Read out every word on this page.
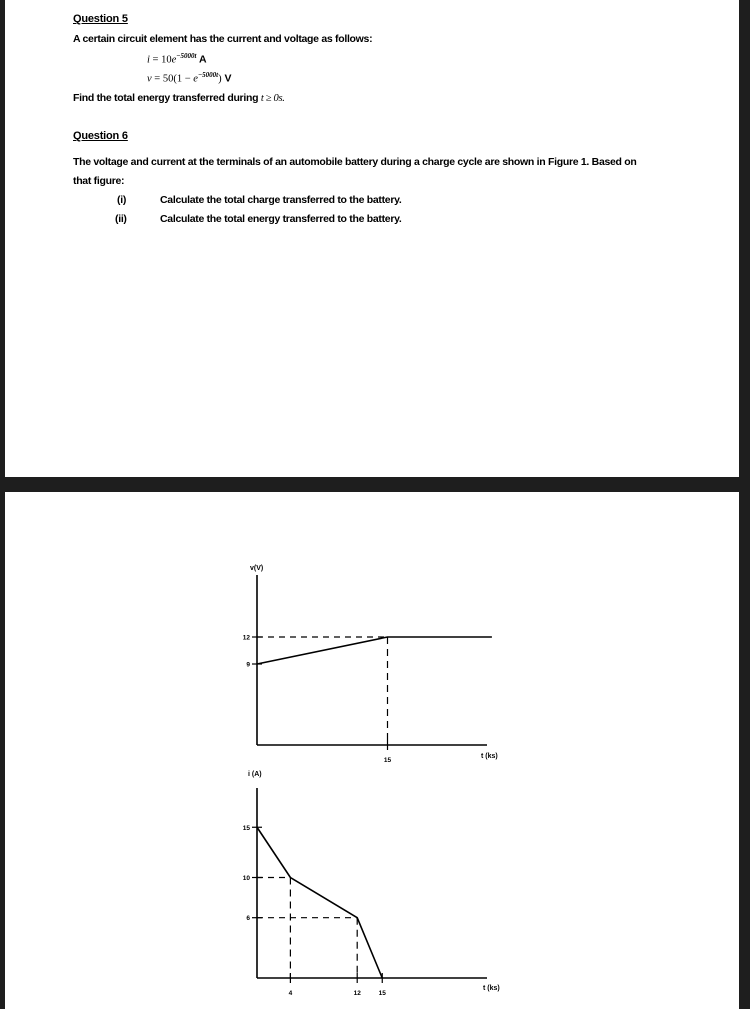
Question 5
A certain circuit element has the current and voltage as follows:
$i = 10e^{-5000t}$ A
$v = 50(1 - e^{-5000t})$ V
Find the total energy transferred during t ≥ 0s.
Question 6
The voltage and current at the terminals of an automobile battery during a charge cycle are shown in Figure 1. Based on
that figure:
(i)	Calculate the total charge transferred to the battery.
(ii)	Calculate the total energy transferred to the battery.
v(V)
t (ks)
9
12
15
i (A)
t (ks)
6
10
15
4	12	15
